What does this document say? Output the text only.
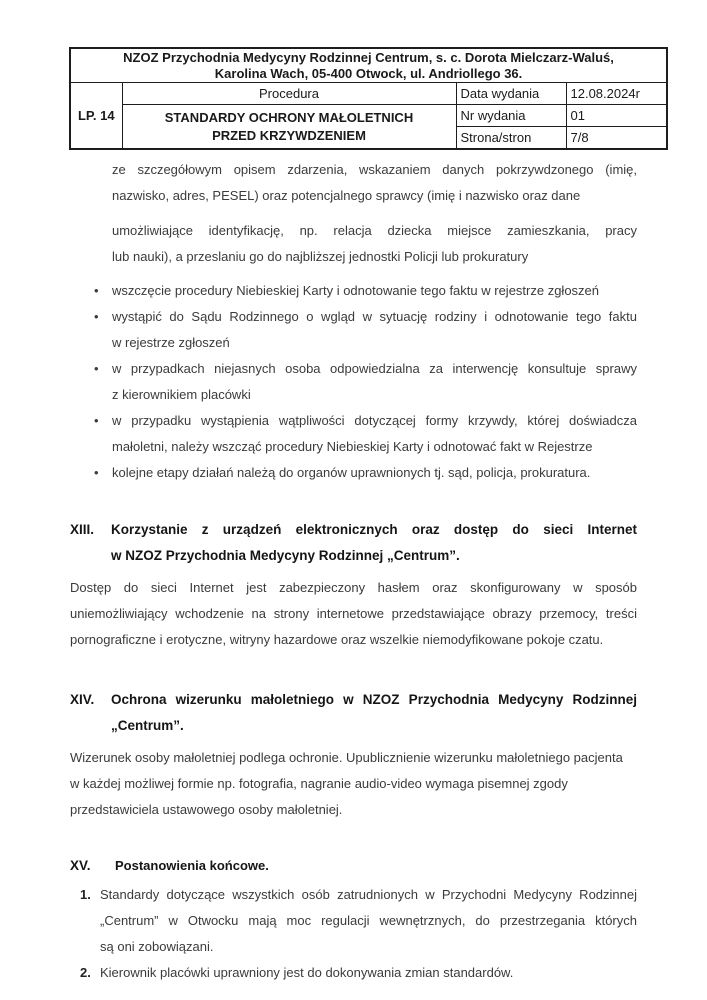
NZOZ Przychodnia Medycyny Rodzinnej Centrum, s. c. Dorota Mielczarz-Waluś,
Karolina Wach, 05-400 Otwock, ul. Andriollego 36.			

LP. 14	Procedura	Data wydania	12.08.2024r

	STANDARDY OCHRONY MAŁOLETNICH
PRZED KRZYWDZENIEM	Nr wydania	01
		Strona/stron	7/8
ze szczegółowym opisem zdarzenia, wskazaniem danych pokrzywdzonego (imię,
nazwisko, adres, PESEL) oraz potencjalnego sprawcy (imię i nazwisko oraz dane
umożliwiające identyfikację, np. relacja dziecka miejsce zamieszkania, pracy
lub nauki), a przeslaniu go do najbliższej jednostki Policji lub prokuratury
• wszczęcie procedury Niebieskiej Karty i odnotowanie tego faktu w rejestrze zgłoszeń
• wystąpić do Sądu Rodzinnego o wgląd w sytuację rodziny i odnotowanie tego faktu
w rejestrze zgłoszeń
• w przypadkach niejasnych osoba odpowiedzialna za interwencję konsultuje sprawy
z kierownikiem placówki
• w przypadku wystąpienia wątpliwości dotyczącej formy krzywdy, której doświadcza
małoletni, należy wszcząć procedury Niebieskiej Karty i odnotować fakt w Rejestrze
• kolejne etapy działań należą do organów uprawnionych tj. sąd, policja, prokuratura.
XIII. Korzystanie z urządzeń elektronicznych oraz dostęp do sieci Internet
w NZOZ Przychodnia Medycyny Rodzinnej „Centrum”.
Dostęp do sieci Internet jest zabezpieczony hasłem oraz skonfigurowany w sposób
uniemożliwiający wchodzenie na strony internetowe przedstawiające obrazy przemocy, treści
pornograficzne i erotyczne, witryny hazardowe oraz wszelkie niemodyfikowane pokoje czatu.
XIV. Ochrona wizerunku małoletniego w NZOZ Przychodnia Medycyny Rodzinnej
„Centrum”.
Wizerunek osoby małoletniej podlega ochronie. Upublicznienie wizerunku małoletniego pacjenta
w każdej możliwej formie np. fotografia, nagranie audio-video wymaga pisemnej zgody
przedstawiciela ustawowego osoby małoletniej.
XV. Postanowienia końcowe.
1. Standardy dotyczące wszystkich osób zatrudnionych w Przychodni Medycyny Rodzinnej
„Centrum” w Otwocku mają moc regulacji wewnętrznych, do przestrzegania których
są oni zobowiązani.
2. Kierownik placówki uprawniony jest do dokonywania zmian standardów.
